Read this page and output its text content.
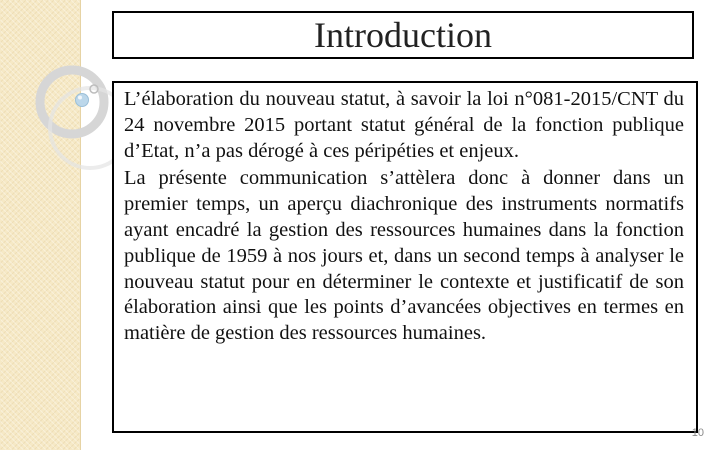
Introduction

L’élaboration du nouveau statut, à savoir la loi n°081-2015/CNT du 24 novembre 2015 portant statut général de la fonction publique d’Etat, n’a pas dérogé à ces péripéties et enjeux.

La présente communication s’attèlera donc à donner dans un premier temps, un aperçu diachronique des instruments normatifs ayant encadré la gestion des ressources humaines dans la fonction publique de 1959 à nos jours et, dans un second temps à analyser le nouveau statut pour en déterminer le contexte et justificatif de son élaboration ainsi que les points d’avancées objectives en termes en matière de gestion des ressources humaines.

10
